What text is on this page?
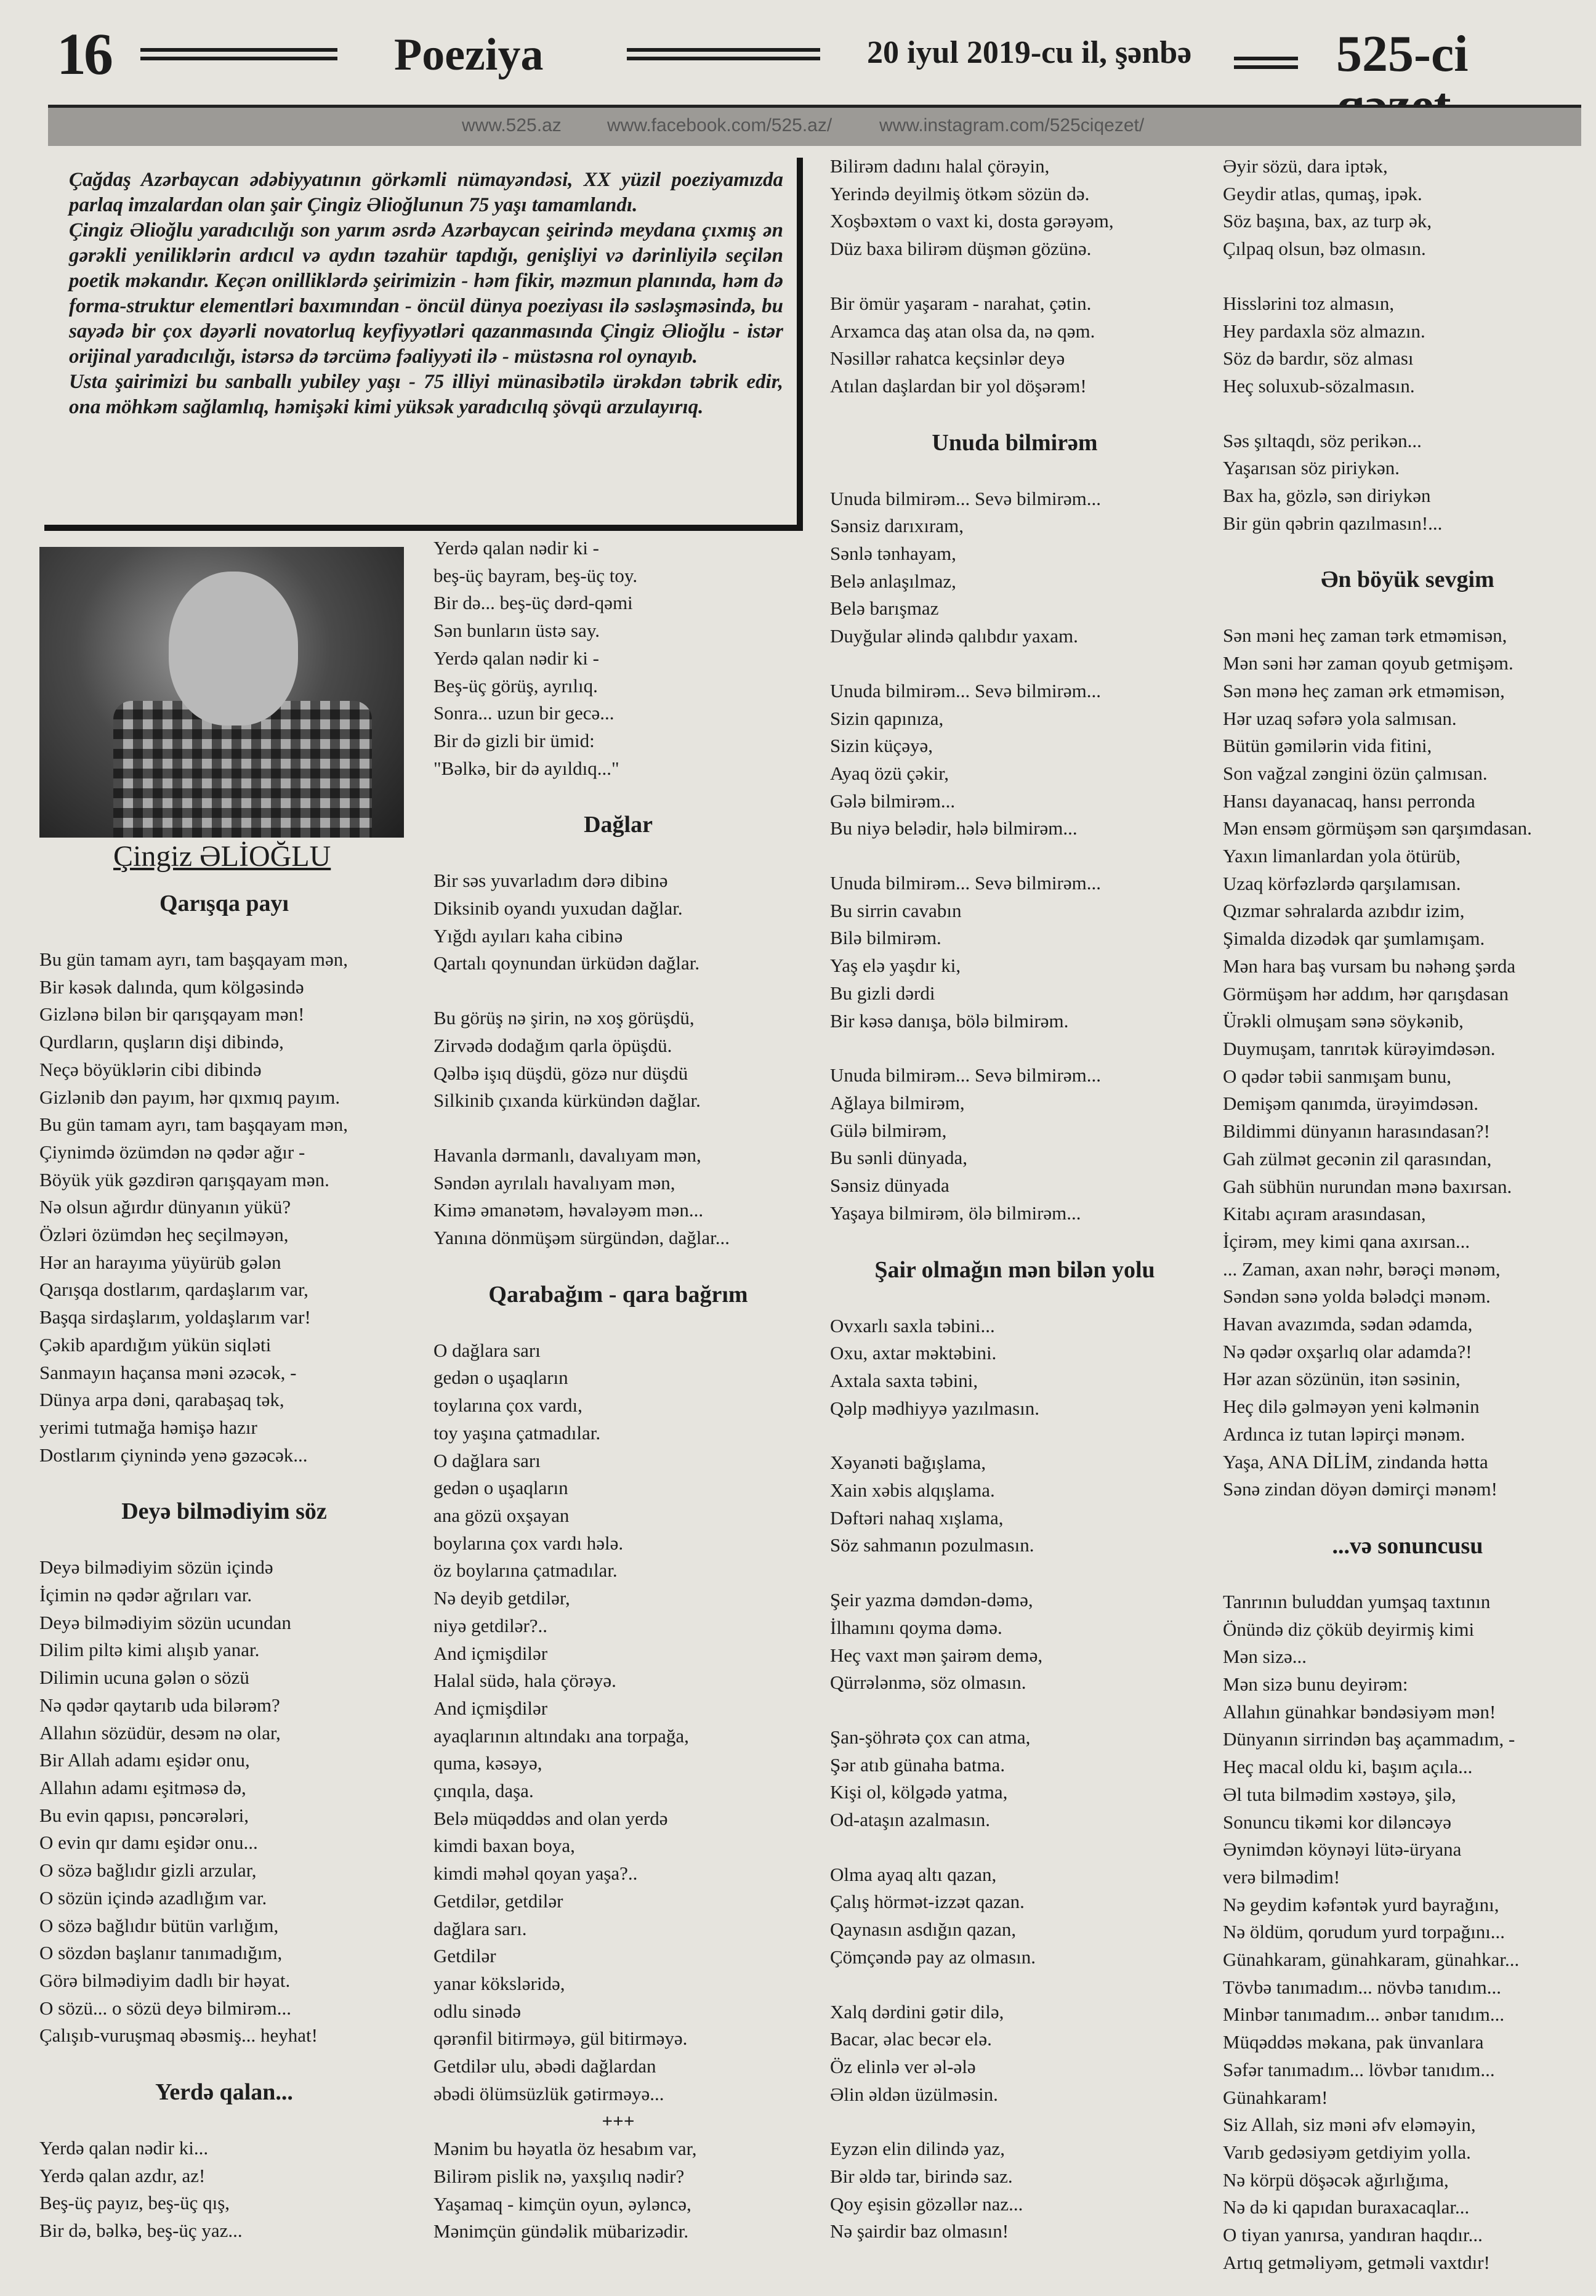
16	Poeziya	20 iyul 2019-cu il, şənbə	525-ci
www.525.az www.facebook.com/525.az/	www.instagram.com/525ciqezet/

Çağdaş Azərbaycan ədəbiyyatının görkəmli nümayəndəsi, XX yüzil poeziyamızda parlaq imzalardan olan şair Çingiz Əlioğlunun 75 yaşı tamamlandı.

Çingiz Əlioğlu yaradıcılığı son yarım əsrdə Azərbaycan şeirində meydana çıxmış ən gərəkli yeniliklərin ardıcıl və aydın təzahür tapdığı, genişliyi və dərinliyilə seçilən poetik məkandır. Keçən onilliklərdə şeirimizin - həm fikir, məzmun planında, həm də forma-struktur elementləri baxımından - öncül dünya poeziyası ilə səsləşməsində, bu sayədə bir çox dəyərli novatorluq keyfiyyətləri qazanmasında Çingiz Əlioğlu - istər orijinal yaradıcılığı, istərsə də tərcümə fəaliyyəti ilə - müstəsna rol oynayıb.

Usta şairimizi bu sanballı yubiley yaşı - 75 illiyi münasibətilə ürəkdən təbrik edir, ona möhkəm sağlamlıq, həmişəki kimi yüksək yaradıcılıq şövqü arzulayırıq.

Çingiz ƏLİOĞLU
Qarışqa payı
Bu gün tamam ayrı, tam başqayam mən,
Bir kəsək dalında, qum kölgəsində
Gizlənə bilən bir qarışqayam mən!
Qurdların, quşların dişi dibində,
Neçə böyüklərin cibi dibində
Gizlənib dən payım, hər qıxmıq payım.
Bu gün tamam ayrı, tam başqayam mən,
Çiynimdə özümdən nə qədər ağır -
Böyük yük gəzdirən qarışqayam mən.
Nə olsun ağırdır dünyanın yükü?
Özləri özümdən heç seçilməyən,
Hər an harayıma yüyürüb gələn
Qarışqa dostlarım, qardaşlarım var,
Başqa sirdaşlarım, yoldaşlarım var!
Çəkib apardığım yükün siqləti
Sanmayın haçansa məni əzəcək, -
Dünya arpa dəni, qarabaşaq tək,
yerimi tutmağa həmişə hazır
Dostlarım çiynində yenə gəzəcək...
Deyə bilmədiyim söz
Deyə bilmədiyim sözün içində
İçimin nə qədər ağrıları var.
Deyə bilmədiyim sözün ucundan
Dilim piltə kimi alışıb yanar.
Dilimin ucuna gələn o sözü
Nə qədər qaytarıb uda bilərəm?
Allahın sözüdür, desəm nə olar,
Bir Allah adamı eşidər onu,
Allahın adamı eşitməsə də,
Bu evin qapısı, pəncərələri,
O evin qır damı eşidər onu...
O sözə bağlıdır gizli arzular,
O sözün içində azadlığım var.
O sözə bağlıdır bütün varlığım,
O sözdən başlanır tanımadığım,
Görə bilmədiyim dadlı bir həyat.
O sözü... o sözü deyə bilmirəm...
Çalışıb-vuruşmaq əbəsmiş... heyhat!
Yerdə qalan...
Yerdə qalan nədir ki...
Yerdə qalan azdır, az!
Beş-üç payız, beş-üç qış,
Bir də, bəlkə, beş-üç yaz...
Yerdə qalan nədir ki -
beş-üç bayram, beş-üç toy.
Bir də... beş-üç dərd-qəmi
Sən bunların üstə say.
Yerdə qalan nədir ki -
Beş-üç görüş, ayrılıq.
Sonra... uzun bir gecə...
Bir də gizli bir ümid:
"Bəlkə, bir də ayıldıq..."
Dağlar
Bir səs yuvarladım dərə dibinə
Diksinib oyandı yuxudan dağlar.
Yığdı ayıları kaha cibinə
Qartalı qoynundan ürküdən dağlar.
Bu görüş nə şirin, nə xoş görüşdü,
Zirvədə dodağım qarla öpüşdü.
Qəlbə işıq düşdü, gözə nur düşdü
Silkinib çıxanda kürkündən dağlar.
Havanla dərmanlı, davalıyam mən,
Səndən ayrılalı havalıyam mən,
Kimə əmanətəm, həvaləyəm mən...
Yanına dönmüşəm sürgündən, dağlar...
Qarabağım - qara bağrım
O dağlara sarı
gedən o uşaqların
toylarına çox vardı,
toy yaşına çatmadılar.
O dağlara sarı
gedən o uşaqların
ana gözü oxşayan
boylarına çox vardı hələ.
öz boylarına çatmadılar.
Nə deyib getdilər,
niyə getdilər?..
And içmişdilər
Halal südə, hala çörəyə.
And içmişdilər
ayaqlarının altındakı ana torpağa,
quma, kəsəyə,
çınqıla, daşa.
Belə müqəddəs and olan yerdə
kimdi baxan boya,
kimdi məhəl qoyan yaşa?..
Getdilər, getdilər
dağlara sarı.
Getdilər
yanar köksləridə,
odlu sinədə
qərənfil bitirməyə, gül bitirməyə.
Getdilər ulu, əbədi dağlardan
əbədi ölümsüzlük gətirməyə...
+++
Mənim bu həyatla öz hesabım var,
Bilirəm pislik nə, yaxşılıq nədir?
Yaşamaq - kimçün oyun, əyləncə,
Mənimçün gündəlik mübarizədir.
Bilirəm dadını halal çörəyin,
Yerində deyilmiş ötkəm sözün də.
Xoşbəxtəm o vaxt ki, dosta gərəyəm,
Düz baxa bilirəm düşmən gözünə.
Bir ömür yaşaram - narahat, çətin.
Arxamca daş atan olsa da, nə qəm.
Nəsillər rahatca keçsinlər deyə
Atılan daşlardan bir yol döşərəm!
Unuda bilmirəm
Unuda bilmirəm... Sevə bilmirəm...
Sənsiz darıxıram,
Sənlə tənhayam,
Belə anlaşılmaz,
Belə barışmaz
Duyğular əlində qalıbdır yaxam.
Unuda bilmirəm... Sevə bilmirəm...
Sizin qapınıza,
Sizin küçəyə,
Ayaq özü çəkir,
Gələ bilmirəm...
Bu niyə belədir, hələ bilmirəm...
Unuda bilmirəm... Sevə bilmirəm...
Bu sirrin cavabın
Bilə bilmirəm.
Yaş elə yaşdır ki,
Bu gizli dərdi
Bir kəsə danışa, bölə bilmirəm.
Unuda bilmirəm... Sevə bilmirəm...
Ağlaya bilmirəm,
Gülə bilmirəm,
Bu sənli dünyada,
Sənsiz dünyada
Yaşaya bilmirəm, ölə bilmirəm...
Şair olmağın mən bilən yolu
Ovxarlı saxla təbini...
Oxu, axtar məktəbini.
Axtala saxta təbini,
Qəlp mədhiyyə yazılmasın.
Xəyanəti bağışlama,
Xain xəbis alqışlama.
Dəftəri nahaq xışlama,
Söz sahmanın pozulmasın.
Şeir yazma dəmdən-dəmə,
İlhamını qoyma dəmə.
Heç vaxt mən şairəm demə,
Qürrələnmə, söz olmasın.
Şan-şöhrətə çox can atma,
Şər atıb günaha batma.
Kişi ol, kölgədə yatma,
Od-ataşın azalmasın.
Olma ayaq altı qazan,
Çalış hörmət-izzət qazan.
Qaynasın asdığın qazan,
Çömçəndə pay az olmasın.
Xalq dərdini gətir dilə,
Bacar, əlac becər elə.
Öz elinlə ver əl-ələ
Əlin əldən üzülməsin.
Eyzən elin dilində yaz,
Bir əldə tar, birində saz.
Qoy eşisin gözəllər naz...
Nə şairdir baz olmasın!
Əyir sözü, dara iptək,
Geydir atlas, qumaş, ipək.
Söz başına, bax, az turp ək,
Çılpaq olsun, bəz olmasın.
Hisslərini toz almasın,
Hey pardaxla söz almazın.
Söz də bardır, söz alması
Heç soluxub-sözalmasın.
Səs şıltaqdı, söz perikən...
Yaşarısan söz piriykən.
Bax ha, gözlə, sən diriykən
Bir gün qəbrin qazılmasın!...
Ən böyük sevgim
Sən məni heç zaman tərk etməmisən,
Mən səni hər zaman qoyub getmişəm.
Sən mənə heç zaman ərk etməmisən,
Hər uzaq səfərə yola salmısan.
Bütün gəmilərin vida fitini,
Son vağzal zəngini özün çalmısan.
Hansı dayanacaq, hansı perronda
Mən ensəm görmüşəm sən qarşımdasan.
Yaxın limanlardan yola ötürüb,
Uzaq körfəzlərdə qarşılamısan.
Qızmar səhralarda azıbdır izim,
Şimalda dizədək qar şumlamışam.
Mən hara baş vursam bu nəhəng şərda
Görmüşəm hər addım, hər qarışdasan
Ürəkli olmuşam sənə söykənib,
Duymuşam, tanrıtək kürəyimdəsən.
O qədər təbii sanmışam bunu,
Demişəm qanımda, ürəyimdəsən.
Bildimmi dünyanın harasındasan?!
Gah zülmət gecənin zil qarasından,
Gah sübhün nurundan mənə baxırsan.
Kitabı açıram arasındasan,
İçirəm, mey kimi qana axırsan...
... Zaman, axan nəhr, bərəçi mənəm,
Səndən sənə yolda bələdçi mənəm.
Havan avazımda, sədan ədamda,
Nə qədər oxşarlıq olar adamda?!
Hər azan sözünün, itən səsinin,
Heç dilə gəlməyən yeni kəlmənin
Ardınca iz tutan ləpirçi mənəm.
Yaşa, ANA DİLİM, zindanda hətta
Sənə zindan döyən dəmirçi mənəm!
...və sonuncusu
Tanrının buluddan yumşaq taxtının
Önündə diz çöküb deyirmiş kimi
Mən sizə...
Mən sizə bunu deyirəm:
Allahın günahkar bəndəsiyəm mən!
Dünyanın sirrindən baş açammadım, -
Heç macal oldu ki, başım açıla...
Əl tuta bilmədim xəstəyə, şilə,
Sonuncu tikəmi kor diləncəyə
Əynimdən köynəyi lütə-üryana
verə bilmədim!
Nə geydim kəfəntək yurd bayrağını,
Nə öldüm, qorudum yurd torpağını...
Günahkaram, günahkaram, günahkar...
Tövbə tanımadım... növbə tanıdım...
Minbər tanımadım... ənbər tanıdım...
Müqəddəs məkana, pak ünvanlara
Səfər tanımadım... lövbər tanıdım...
Günahkaram!
Siz Allah, siz məni əfv eləməyin,
Varıb gedəsiyəm getdiyim yolla.
Nə körpü döşəcək ağırlığıma,
Nə də ki qapıdan buraxacaqlar...
O tiyan yanırsa, yandıran haqdır...
Artıq getməliyəm, getməli vaxtdır!
